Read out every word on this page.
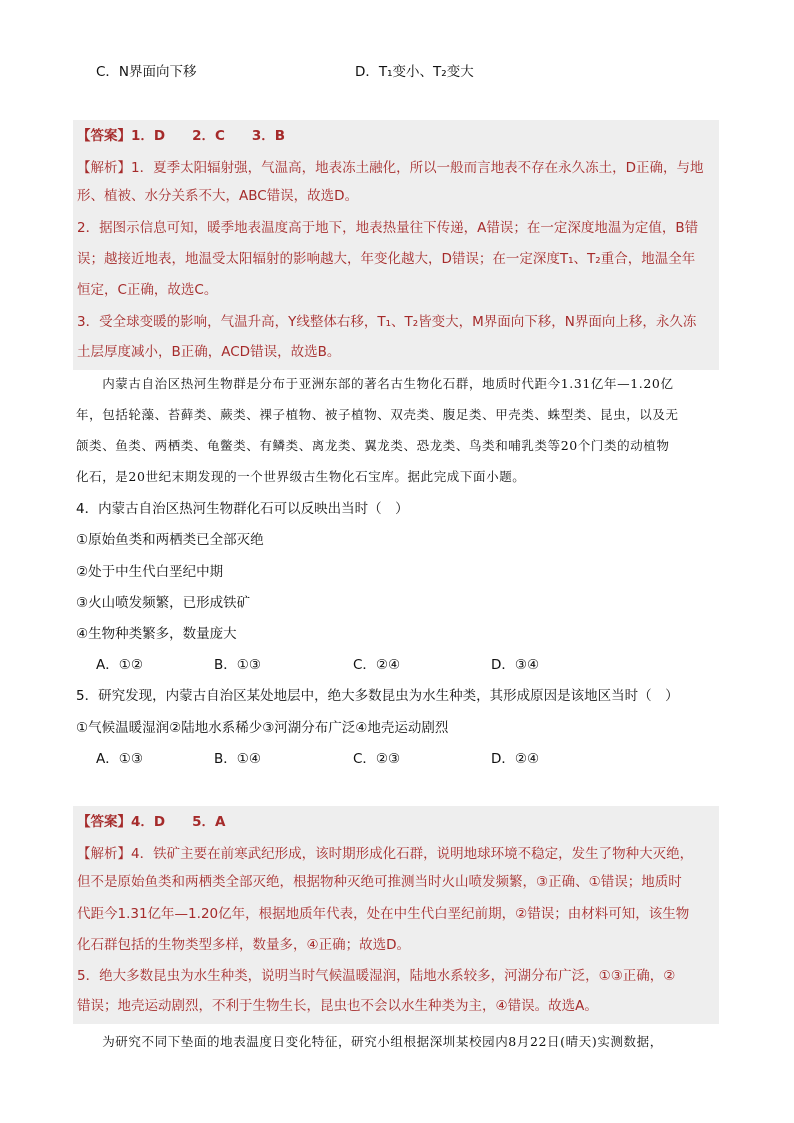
C．N界面向下移	D．T₁变小、T₂变大
【答案】1．D　　2．C　　3．B
【解析】1．夏季太阳辐射强，气温高，地表冻土融化，所以一般而言地表不存在永久冻土，D正确，与地
形、植被、水分关系不大，ABC错误，故选D。
2．据图示信息可知，暖季地表温度高于地下，地表热量往下传递，A错误；在一定深度地温为定值，B错
误；越接近地表，地温受太阳辐射的影响越大，年变化越大，D错误；在一定深度T₁、T₂重合，地温全年
恒定，C正确，故选C。
3．受全球变暖的影响，气温升高，Y线整体右移，T₁、T₂皆变大，M界面向下移，N界面向上移，永久冻
土层厚度减小，B正确，ACD错误，故选B。
　　内蒙古自治区热河生物群是分布于亚洲东部的著名古生物化石群，地质时代距今1.31亿年—1.20亿
年，包括轮藻、苔藓类、蕨类、裸子植物、被子植物、双壳类、腹足类、甲壳类、蛛型类、昆虫，以及无
颌类、鱼类、两栖类、龟鳖类、有鳞类、离龙类、翼龙类、恐龙类、鸟类和哺乳类等20个门类的动植物
化石，是20世纪末期发现的一个世界级古生物化石宝库。据此完成下面小题。
4．内蒙古自治区热河生物群化石可以反映出当时（　）
①原始鱼类和两栖类已全部灭绝
②处于中生代白垩纪中期
③火山喷发频繁，已形成铁矿
④生物种类繁多，数量庞大
A．①②	B．①③	C．②④	D．③④
5．研究发现，内蒙古自治区某处地层中，绝大多数昆虫为水生种类，其形成原因是该地区当时（　）
①气候温暖湿润②陆地水系稀少③河湖分布广泛④地壳运动剧烈
A．①③	B．①④	C．②③	D．②④
【答案】4．D　　5．A
【解析】4．铁矿主要在前寒武纪形成，该时期形成化石群，说明地球环境不稳定，发生了物种大灭绝，
但不是原始鱼类和两栖类全部灭绝，根据物种灭绝可推测当时火山喷发频繁，③正确、①错误；地质时
代距今1.31亿年—1.20亿年，根据地质年代表，处在中生代白垩纪前期，②错误；由材料可知，该生物
化石群包括的生物类型多样，数量多，④正确；故选D。
5．绝大多数昆虫为水生种类，说明当时气候温暖湿润，陆地水系较多，河湖分布广泛，①③正确，②
错误；地壳运动剧烈，不利于生物生长，昆虫也不会以水生种类为主，④错误。故选A。
　　为研究不同下垫面的地表温度日变化特征，研究小组根据深圳某校园内8月22日(晴天)实测数据，
